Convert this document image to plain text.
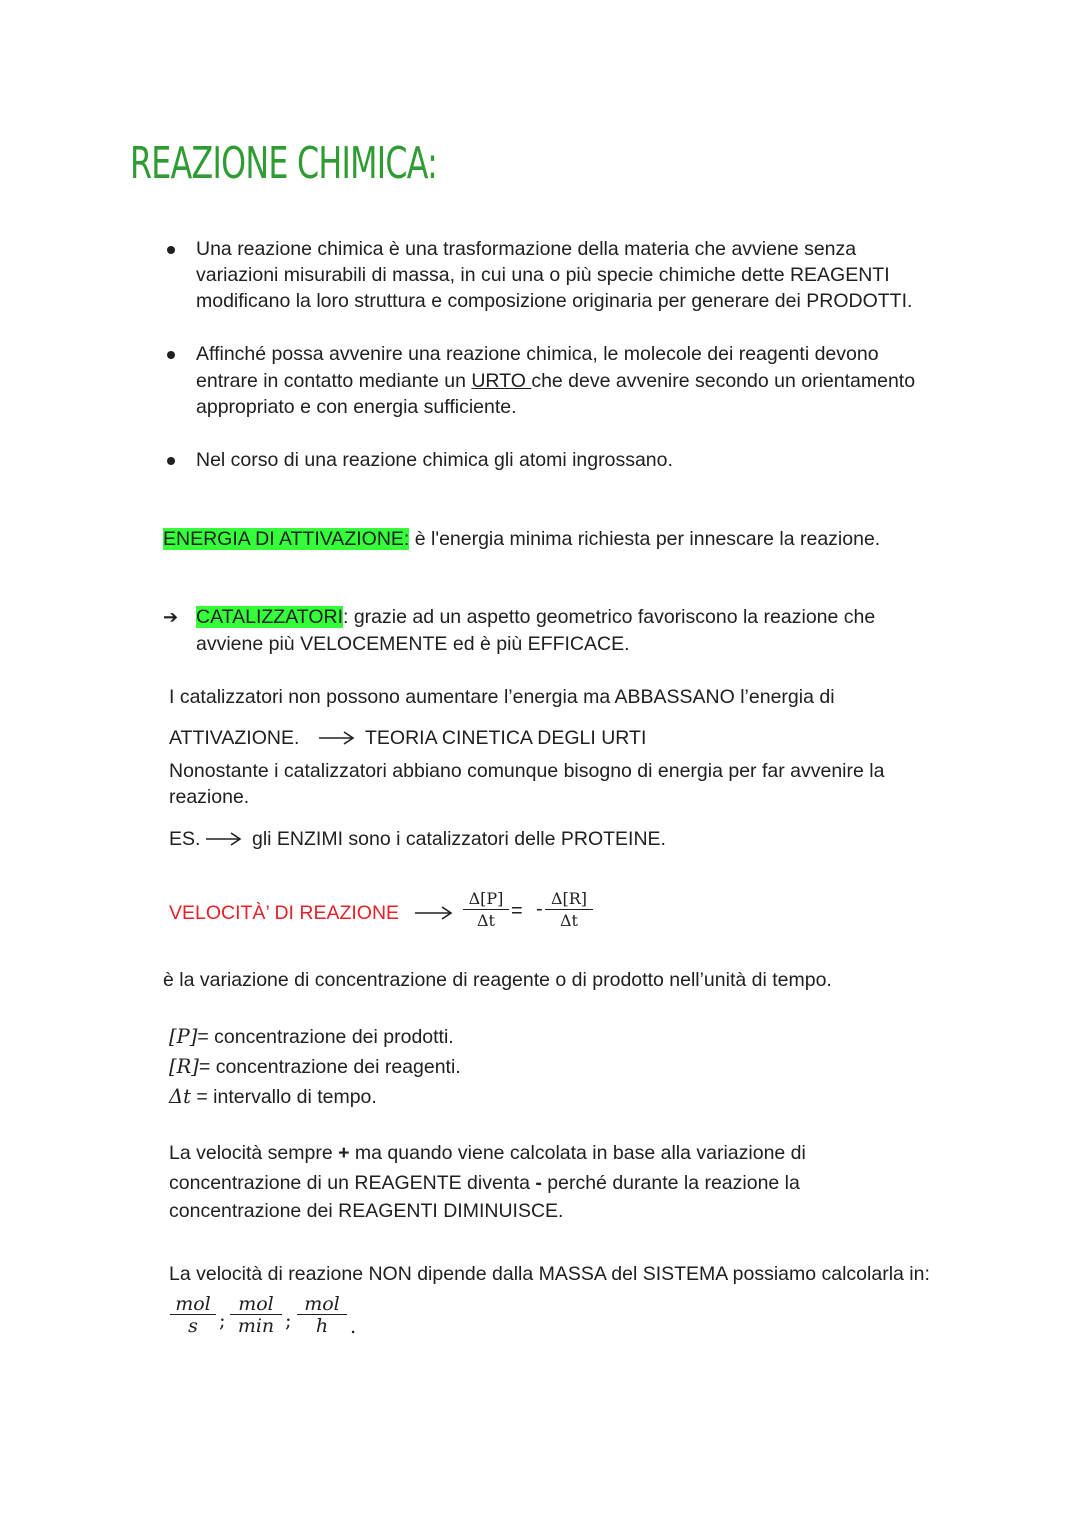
REAZIONE CHIMICA:
Una reazione chimica è una trasformazione della materia che avviene senza
variazioni misurabili di massa, in cui una o più specie chimiche dette REAGENTI
modificano la loro struttura e composizione originaria per generare dei PRODOTTI.
Affinché possa avvenire una reazione chimica, le molecole dei reagenti devono
entrare in contatto mediante un URTO che deve avvenire secondo un orientamento
appropriato e con energia sufficiente.
Nel corso di una reazione chimica gli atomi ingrossano.
ENERGIA DI ATTIVAZIONE: è l'energia minima richiesta per innescare la reazione.
➔ CATALIZZATORI: grazie ad un aspetto geometrico favoriscono la reazione che
avviene più VELOCEMENTE ed è più EFFICACE.
I catalizzatori non possono aumentare l’energia ma ABBASSANO l’energia di
ATTIVAZIONE.	TEORIA CINETICA DEGLI URTI
Nonostante i catalizzatori abbiano comunque bisogno di energia per far avvenire la
reazione.
ES.	gli ENZIMI sono i catalizzatori delle PROTEINE.
VELOCITÀ’ DI REAZIONE	$\frac{\Delta[P]}{\Delta t}$ = - $\frac{\Delta[R]}{\Delta t}$
è la variazione di concentrazione di reagente o di prodotto nell’unità di tempo.
[P]= concentrazione dei prodotti.
[R]= concentrazione dei reagenti.
Δt = intervallo di tempo.
La velocità sempre + ma quando viene calcolata in base alla variazione di
concentrazione di un REAGENTE diventa - perché durante la reazione la
concentrazione dei REAGENTI DIMINUISCE.
La velocità di reazione NON dipende dalla MASSA del SISTEMA possiamo calcolarla in:
mol
s	;
mol
min ;
mol
h	.
